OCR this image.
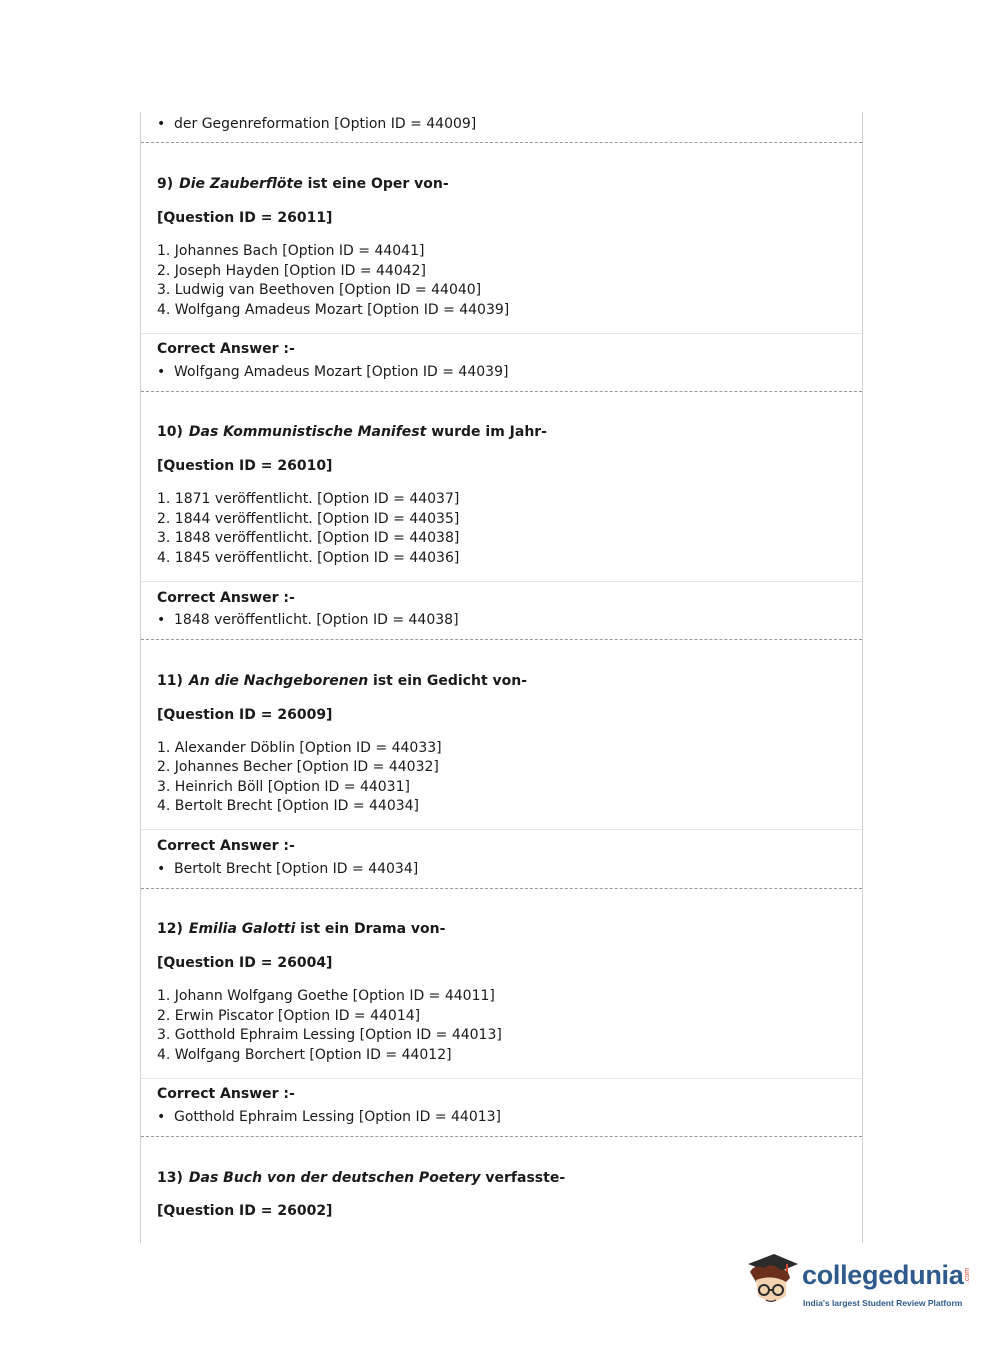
• der Gegenreformation [Option ID = 44009]
9) Die Zauberflöte ist eine Oper von-
[Question ID = 26011]
1. Johannes Bach [Option ID = 44041]
2. Joseph Hayden [Option ID = 44042]
3. Ludwig van Beethoven [Option ID = 44040]
4. Wolfgang Amadeus Mozart [Option ID = 44039]
Correct Answer :-
• Wolfgang Amadeus Mozart [Option ID = 44039]
10) Das Kommunistische Manifest wurde im Jahr-
[Question ID = 26010]
1. 1871 veröffentlicht. [Option ID = 44037]
2. 1844 veröffentlicht. [Option ID = 44035]
3. 1848 veröffentlicht. [Option ID = 44038]
4. 1845 veröffentlicht. [Option ID = 44036]
Correct Answer :-
• 1848 veröffentlicht. [Option ID = 44038]
11) An die Nachgeborenen ist ein Gedicht von-
[Question ID = 26009]
1. Alexander Döblin [Option ID = 44033]
2. Johannes Becher [Option ID = 44032]
3. Heinrich Böll [Option ID = 44031]
4. Bertolt Brecht [Option ID = 44034]
Correct Answer :-
• Bertolt Brecht [Option ID = 44034]
12) Emilia Galotti ist ein Drama von-
[Question ID = 26004]
1. Johann Wolfgang Goethe [Option ID = 44011]
2. Erwin Piscator [Option ID = 44014]
3. Gotthold Ephraim Lessing [Option ID = 44013]
4. Wolfgang Borchert [Option ID = 44012]
Correct Answer :-
• Gotthold Ephraim Lessing [Option ID = 44013]
13) Das Buch von der deutschen Poetery verfasste-
[Question ID = 26002]
collegedunia .com
India's largest Student Review Platform
